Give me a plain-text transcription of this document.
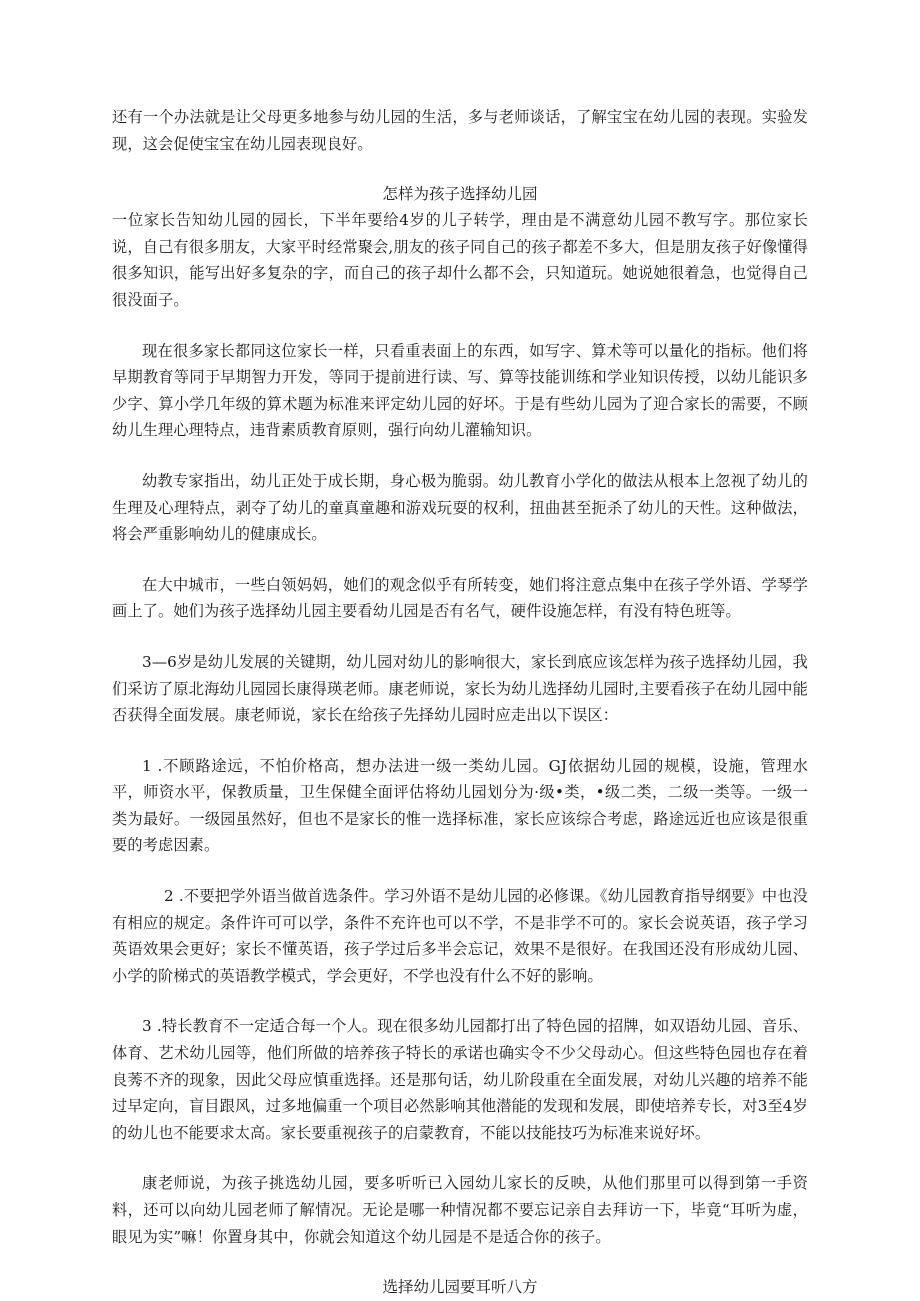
还有一个办法就是让父母更多地参与幼儿园的生活，多与老师谈话，了解宝宝在幼儿园的表现。实验发现，这会促使宝宝在幼儿园表现良好。

怎样为孩子选择幼儿园

一位家长告知幼儿园的园长，下半年要给4岁的儿子转学，理由是不满意幼儿园不教写字。那位家长说，自己有很多朋友，大家平时经常聚会,朋友的孩子同自己的孩子都差不多大，但是朋友孩子好像懂得很多知识，能写出好多复杂的字，而自己的孩子却什么都不会，只知道玩。她说她很着急，也觉得自己很没面子。

现在很多家长都同这位家长一样，只看重表面上的东西，如写字、算术等可以量化的指标。他们将早期教育等同于早期智力开发，等同于提前进行读、写、算等技能训练和学业知识传授，以幼儿能识多少字、算小学几年级的算术题为标准来评定幼儿园的好坏。于是有些幼儿园为了迎合家长的需要，不顾幼儿生理心理特点，违背素质教育原则，强行向幼儿灌输知识。

幼教专家指出，幼儿正处于成长期，身心极为脆弱。幼儿教育小学化的做法从根本上忽视了幼儿的生理及心理特点，剥夺了幼儿的童真童趣和游戏玩耍的权利，扭曲甚至扼杀了幼儿的天性。这种做法，将会严重影响幼儿的健康成长。

在大中城市，一些白领妈妈，她们的观念似乎有所转变，她们将注意点集中在孩子学外语、学琴学画上了。她们为孩子选择幼儿园主要看幼儿园是否有名气，硬件设施怎样，有没有特色班等。

3—6岁是幼儿发展的关键期，幼儿园对幼儿的影响很大，家长到底应该怎样为孩子选择幼儿园，我们采访了原北海幼儿园园长康得瑛老师。康老师说，家长为幼儿选择幼儿园时,主要看孩子在幼儿园中能否获得全面发展。康老师说，家长在给孩子先择幼儿园时应走出以下误区：

1 .不顾路途远，不怕价格高，想办法进一级一类幼儿园。GJ依据幼儿园的规模，设施，管理水平，师资水平，保教质量，卫生保健全面评估将幼儿园划分为·级•类，•级二类，二级一类等。一级一类为最好。一级园虽然好，但也不是家长的惟一选择标准，家长应该综合考虑，路途远近也应该是很重要的考虑因素。

2 .不要把学外语当做首选条件。学习外语不是幼儿园的必修课。《幼儿园教育指导纲要》中也没有相应的规定。条件许可可以学，条件不充许也可以不学，不是非学不可的。家长会说英语，孩子学习英语效果会更好；家长不懂英语，孩子学过后多半会忘记，效果不是很好。在我国还没有形成幼儿园、小学的阶梯式的英语教学模式，学会更好，不学也没有什么不好的影响。

3 .特长教育不一定适合每一个人。现在很多幼儿园都打出了特色园的招牌，如双语幼儿园、音乐、体育、艺术幼儿园等，他们所做的培养孩子特长的承诺也确实令不少父母动心。但这些特色园也存在着良莠不齐的现象，因此父母应慎重选择。还是那句话，幼儿阶段重在全面发展，对幼儿兴趣的培养不能过早定向，盲目跟风，过多地偏重一个项目必然影响其他潜能的发现和发展，即使培养专长，对3至4岁的幼儿也不能要求太高。家长要重视孩子的启蒙教育，不能以技能技巧为标准来说好坏。

康老师说，为孩子挑选幼儿园，要多听听已入园幼儿家长的反映，从他们那里可以得到第一手资料，还可以向幼儿园老师了解情况。无论是哪一种情况都不要忘记亲自去拜访一下，毕竟“耳听为虚，眼见为实”嘛！你置身其中，你就会知道这个幼儿园是不是适合你的孩子。

选择幼儿园要耳听八方
